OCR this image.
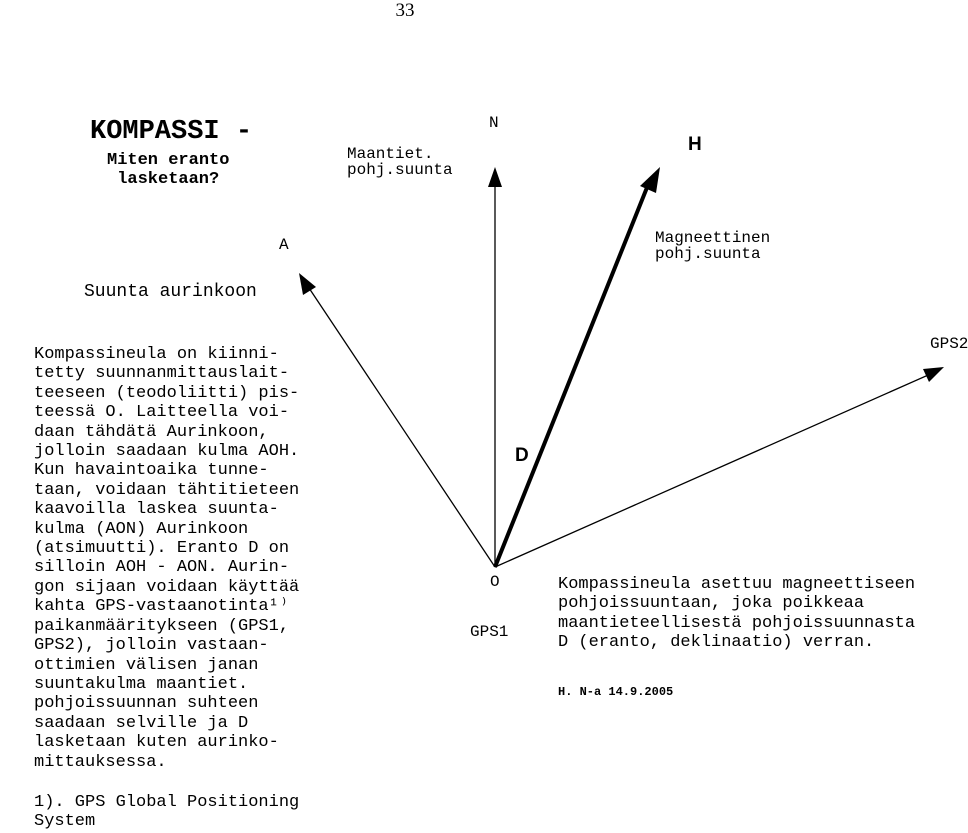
33
KOMPASSI -
Miten eranto
lasketaan?
N
Maantiet.
pohj.suunta
H
Magneettinen
pohj.suunta
A
Suunta aurinkoon
GPS2
D
O
GPS1
Kompassineula on kiinni-
tetty suunnanmittauslait-
teeseen (teodoliitti) pis-
teessä O. Laitteella voi-
daan tähdätä Aurinkoon,
jolloin saadaan kulma AOH.
Kun havaintoaika tunne-
taan, voidaan tähtitieteen
kaavoilla laskea suunta-
kulma (AON) Aurinkoon
(atsimuutti). Eranto D on
silloin AOH - AON. Aurin-
gon sijaan voidaan käyttää
kahta GPS-vastaanotinta¹⁾
paikanmääritykseen (GPS1,
GPS2), jolloin vastaan-
ottimien välisen janan
suuntakulma maantiet.
pohjoissuunnan suhteen
saadaan selville ja D
lasketaan kuten aurinko-
mittauksessa.
1). GPS Global Positioning
System
Kompassineula asettuu magneettiseen
pohjoissuuntaan, joka poikkeaa
maantieteellisestä pohjoissuunnasta
D (eranto, deklinaatio) verran.
H. N-a 14.9.2005
